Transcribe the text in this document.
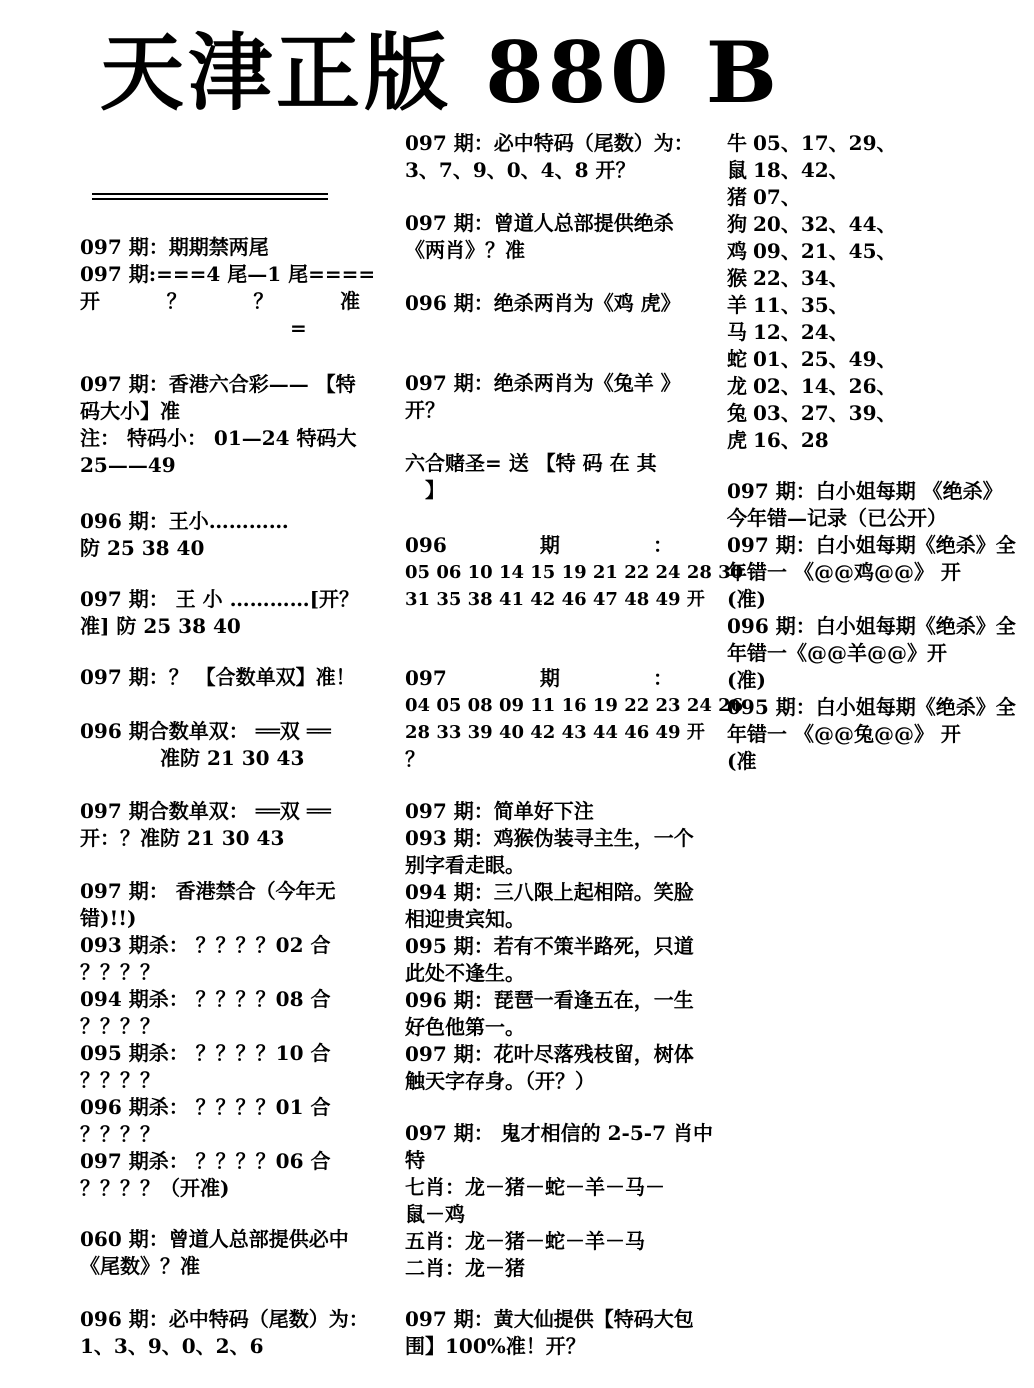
天津正版 880 B
097 期：期期禁两尾
097 期:===4 尾—1 尾====
开	？	？	准
=
097 期：香港六合彩—— 【特
码大小】准
注： 特码小： 01—24 特码大
25——49
096 期：王小…………
防 25 38 40
097 期： 王 小 …………[开？
准] 防 25 38 40
097 期：？ 【合数单双】准！
096 期合数单双： ══双 ══
准防 21 30 43
097 期合数单双： ══双 ══
开：？准防 21 30 43
097 期： 香港禁合（今年无
错)!!)
093 期杀： ？？？？02 合
？？？？
094 期杀： ？？？？08 合
？？？？
095 期杀： ？？？？10 合
？？？？
096 期杀： ？？？？01 合
？？？？
097 期杀： ？？？？06 合
？？？？（开准)
060 期：曾道人总部提供必中
《尾数》？准
096 期：必中特码（尾数）为：
1、3、9、0、2、6
097 期：必中特码（尾数）为：
3、7、9、0、4、8 开？
097 期：曾道人总部提供绝杀
《两肖》？准
096 期：绝杀两肖为《鸡 虎》
097 期：绝杀两肖为《兔羊 》
开？
六合赌圣= 送 【特 码 在 其
】
096	期	：
05 06 10 14 15 19 21 22 24 28 30
31 35 38 41 42 46 47 48 49 开
097	期	：
04 05 08 09 11 16 19 22 23 24 26
28 33 39 40 42 43 44 46 49 开
？
097 期：简单好下注
093 期：鸡猴伪装寻主生，一个
别字看走眼。
094 期：三八限上起相陪。笑脸
相迎贵宾知。
095 期：若有不策半路死，只道
此处不逢生。
096 期：琵琶一看逢五在，一生
好色他第一。
097 期：花叶尽落残枝留，树体
触天字存身。（开？）
097 期： 鬼才相信的 2-5-7 肖中
特
七肖：龙－猪－蛇－羊－马－
鼠－鸡
五肖：龙－猪－蛇－羊－马
二肖：龙－猪
097 期：黄大仙提供【特码大包
围】100%准！开？
牛 05、17、29、
鼠 18、42、
猪 07、
狗 20、32、44、
鸡 09、21、45、
猴 22、34、
羊 11、35、
马 12、24、
蛇 01、25、49、
龙 02、14、26、
兔 03、27、39、
虎 16、28
097 期：白小姐每期 《绝杀》
今年错—记录（已公开）
097 期：白小姐每期《绝杀》全
年错一 《@@鸡@@》 开
(准)
096 期：白小姐每期《绝杀》全
年错一《@@羊@@》开
(准)
095 期：白小姐每期《绝杀》全
年错一 《@@兔@@》 开
(准
